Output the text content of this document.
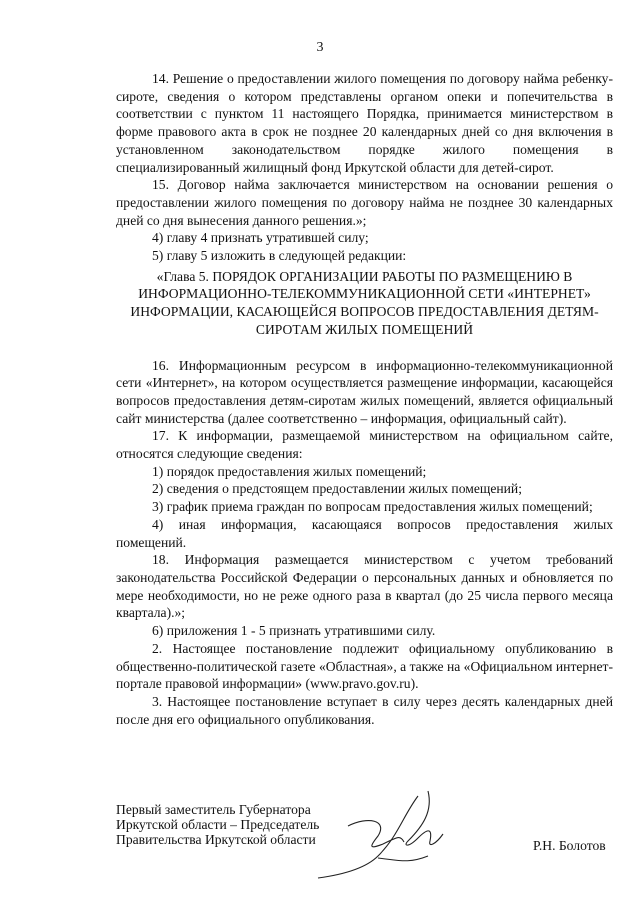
3

14. Решение о предоставлении жилого помещения по договору найма ребенку-сироте, сведения о котором представлены органом опеки и попечительства в соответствии с пунктом 11 настоящего Порядка, принимается министерством в форме правового акта в срок не позднее 20 календарных дней со дня включения в установленном законодательством порядке жилого помещения в специализированный жилищный фонд Иркутской области для детей-сирот.

15. Договор найма заключается министерством на основании решения о предоставлении жилого помещения по договору найма не позднее 30 календарных дней со дня вынесения данного решения.»;

4) главу 4 признать утратившей силу;

5) главу 5 изложить в следующей редакции:

«Глава 5. ПОРЯДОК ОРГАНИЗАЦИИ РАБОТЫ ПО РАЗМЕЩЕНИЮ В ИНФОРМАЦИОННО-ТЕЛЕКОММУНИКАЦИОННОЙ СЕТИ «ИНТЕРНЕТ» ИНФОРМАЦИИ, КАСАЮЩЕЙСЯ ВОПРОСОВ ПРЕДОСТАВЛЕНИЯ ДЕТЯМ-СИРОТАМ ЖИЛЫХ ПОМЕЩЕНИЙ

16. Информационным ресурсом в информационно-телекоммуникационной сети «Интернет», на котором осуществляется размещение информации, касающейся вопросов предоставления детям-сиротам жилых помещений, является официальный сайт министерства (далее соответственно – информация, официальный сайт).

17. К информации, размещаемой министерством на официальном сайте, относятся следующие сведения:

1) порядок предоставления жилых помещений;

2) сведения о предстоящем предоставлении жилых помещений;

3) график приема граждан по вопросам предоставления жилых помещений;

4) иная информация, касающаяся вопросов предоставления жилых помещений.

18. Информация размещается министерством с учетом требований законодательства Российской Федерации о персональных данных и обновляется по мере необходимости, но не реже одного раза в квартал (до 25 числа первого месяца квартала).»;

6) приложения 1 - 5 признать утратившими силу.

2. Настоящее постановление подлежит официальному опубликованию в общественно-политической газете «Областная», а также на «Официальном интернет-портале правовой информации» (www.pravo.gov.ru).

3. Настоящее постановление вступает в силу через десять календарных дней после дня его официального опубликования.

Первый заместитель Губернатора
Иркутской области – Председатель
Правительства Иркутской области	Р.Н. Болотов
